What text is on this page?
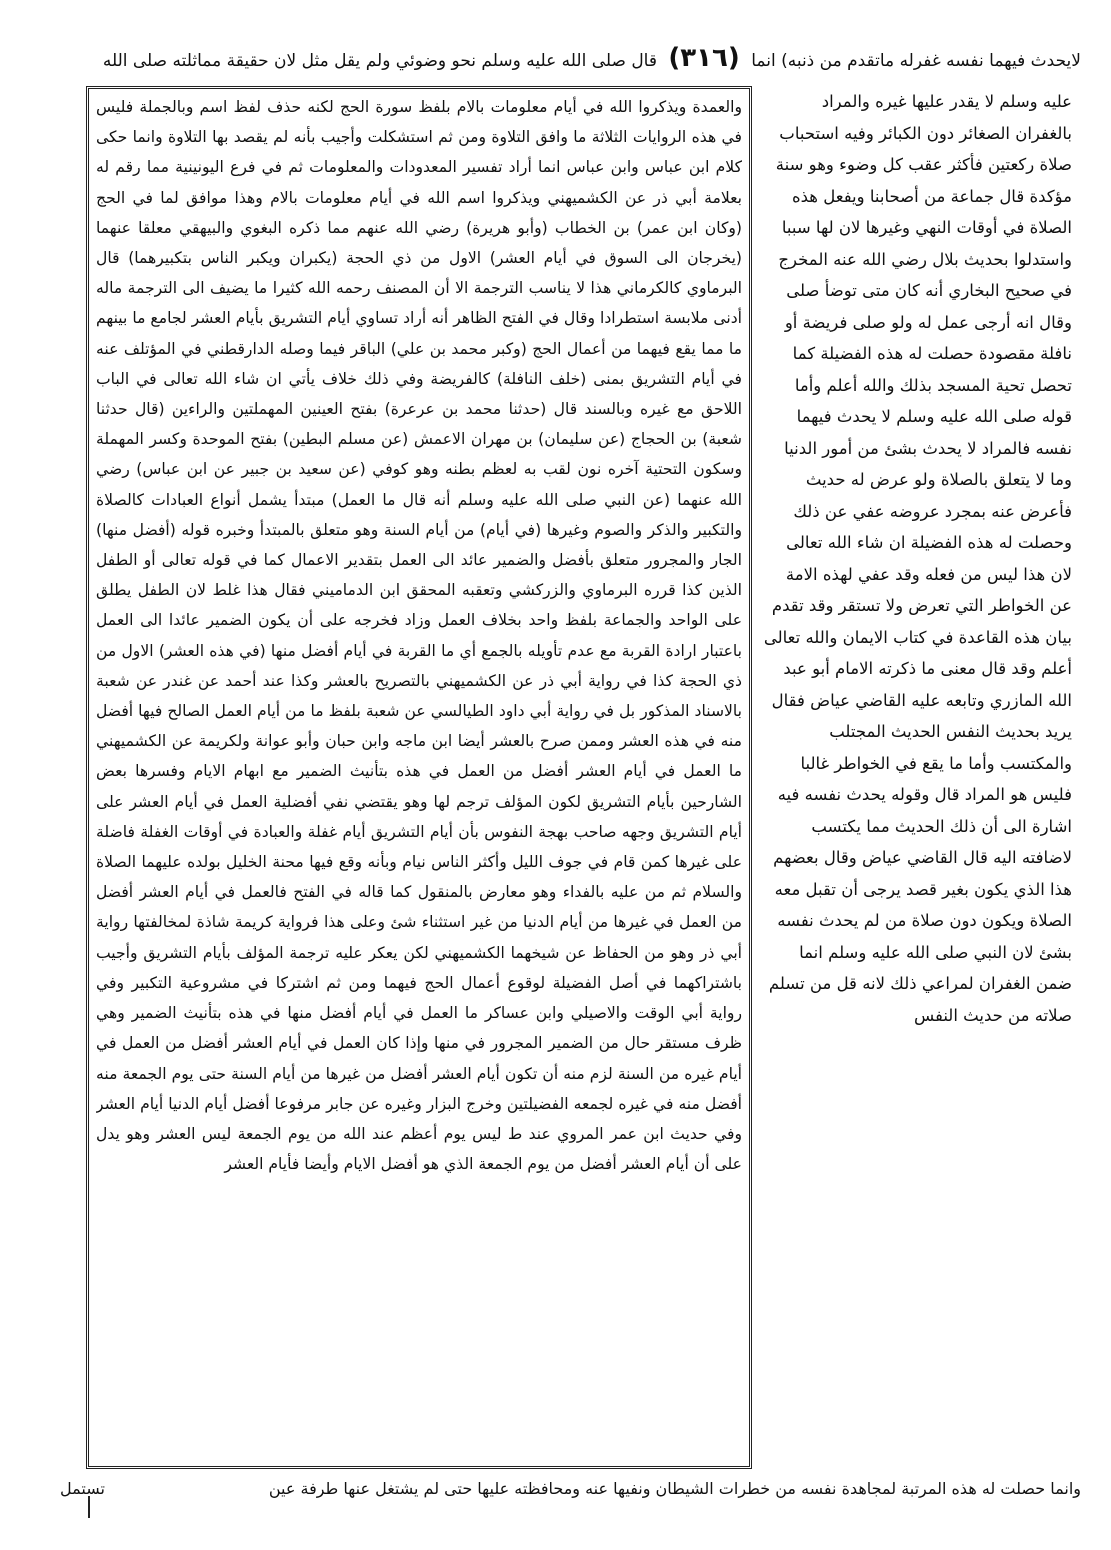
لايحدث فيهما نفسه غفرله ماتقدم من ذنبه) انما (٣١٦) قال صلى الله عليه وسلم نحو وضوئي ولم يقل مثل لان حقيقة مماثلته صلى الله

والعمدة ويذكروا الله في أيام معلومات بالام بلفظ سورة الحج لكنه حذف لفظ اسم وبالجملة فليس في هذه الروايات الثلاثة ما وافق التلاوة ومن ثم استشكلت وأجيب بأنه لم يقصد بها التلاوة وانما حكى كلام ابن عباس وابن عباس انما أراد تفسير المعدودات والمعلومات ثم في فرع اليونينية مما رقم له بعلامة أبي ذر عن الكشميهني ويذكروا اسم الله في أيام معلومات بالام وهذا موافق لما في الحج (وكان ابن عمر) بن الخطاب (وأبو هريرة) رضي الله عنهم مما ذكره البغوي والبيهقي معلقا عنهما (يخرجان الى السوق في أيام العشر) الاول من ذي الحجة (يكبران ويكبر الناس بتكبيرهما) قال البرماوي كالكرماني هذا لا يناسب الترجمة الا أن المصنف رحمه الله كثيرا ما يضيف الى الترجمة ماله أدنى ملابسة استطرادا وقال في الفتح الظاهر أنه أراد تساوي أيام التشريق بأيام العشر لجامع ما بينهم ما مما يقع فيهما من أعمال الحج (وكبر محمد بن علي) الباقر فيما وصله الدارقطني في المؤتلف عنه في أيام التشريق بمنى (خلف النافلة) كالفريضة وفي ذلك خلاف يأتي ان شاء الله تعالى في الباب اللاحق مع غيره وبالسند قال (حدثنا محمد بن عرعرة) بفتح العينين المهملتين والراءين (قال حدثنا شعبة) بن الحجاج (عن سليمان) بن مهران الاعمش (عن مسلم البطين) بفتح الموحدة وكسر المهملة وسكون التحتية آخره نون لقب به لعظم بطنه وهو كوفي (عن سعيد بن جبير عن ابن عباس) رضي الله عنهما (عن النبي صلى الله عليه وسلم أنه قال ما العمل) مبتدأ يشمل أنواع العبادات كالصلاة والتكبير والذكر والصوم وغيرها (في أيام) من أيام السنة وهو متعلق بالمبتدأ وخبره قوله (أفضل منها) الجار والمجرور متعلق بأفضل والضمير عائد الى العمل بتقدير الاعمال كما في قوله تعالى أو الطفل الذين كذا قرره البرماوي والزركشي وتعقبه المحقق ابن الدماميني فقال هذا غلط لان الطفل يطلق على الواحد والجماعة بلفظ واحد بخلاف العمل وزاد فخرجه على أن يكون الضمير عائدا الى العمل باعتبار ارادة القربة مع عدم تأويله بالجمع أي ما القربة في أيام أفضل منها (في هذه العشر) الاول من ذي الحجة كذا في رواية أبي ذر عن الكشميهني بالتصريح بالعشر وكذا عند أحمد عن غندر عن شعبة بالاسناد المذكور بل في رواية أبي داود الطيالسي عن شعبة بلفظ ما من أيام العمل الصالح فيها أفضل منه في هذه العشر وممن صرح بالعشر أيضا ابن ماجه وابن حبان وأبو عوانة ولكريمة عن الكشميهني ما العمل في أيام العشر أفضل من العمل في هذه بتأنيث الضمير مع ابهام الايام وفسرها بعض الشارحين بأيام التشريق لكون المؤلف ترجم لها وهو يقتضي نفي أفضلية العمل في أيام العشر على أيام التشريق وجهه صاحب بهجة النفوس بأن أيام التشريق أيام غفلة والعبادة في أوقات الغفلة فاضلة على غيرها كمن قام في جوف الليل وأكثر الناس نيام وبأنه وقع فيها محنة الخليل بولده عليهما الصلاة والسلام ثم من عليه بالفداء وهو معارض بالمنقول كما قاله في الفتح فالعمل في أيام العشر أفضل من العمل في غيرها من أيام الدنيا من غير استثناء شئ وعلى هذا فرواية كريمة شاذة لمخالفتها رواية أبي ذر وهو من الحفاظ عن شيخهما الكشميهني لكن يعكر عليه ترجمة المؤلف بأيام التشريق وأجيب باشتراكهما في أصل الفضيلة لوقوع أعمال الحج فيهما ومن ثم اشتركا في مشروعية التكبير وفي رواية أبي الوقت والاصيلي وابن عساكر ما العمل في أيام أفضل منها في هذه بتأنيث الضمير وهي ظرف مستقر حال من الضمير المجرور في منها وإذا كان العمل في أيام العشر أفضل من العمل في أيام غيره من السنة لزم منه أن تكون أيام العشر أفضل من غيرها من أيام السنة حتى يوم الجمعة منه أفضل منه في غيره لجمعه الفضيلتين وخرج البزار وغيره عن جابر مرفوعا أفضل أيام الدنيا أيام العشر وفي حديث ابن عمر المروي عند ط ليس يوم أعظم عند الله من يوم الجمعة ليس العشر وهو يدل على أن أيام العشر أفضل من يوم الجمعة الذي هو أفضل الايام وأيضا فأيام العشر

عليه وسلم لا يقدر عليها غيره والمراد بالغفران الصغائر دون الكبائر وفيه استحباب صلاة ركعتين فأكثر عقب كل وضوء وهو سنة مؤكدة قال جماعة من أصحابنا ويفعل هذه الصلاة في أوقات النهي وغيرها لان لها سببا واستدلوا بحديث بلال رضي الله عنه المخرج في صحيح البخاري أنه كان متى توضأ صلى وقال انه أرجى عمل له ولو صلى فريضة أو نافلة مقصودة حصلت له هذه الفضيلة كما تحصل تحية المسجد بذلك والله أعلم وأما قوله صلى الله عليه وسلم لا يحدث فيهما نفسه فالمراد لا يحدث بشئ من أمور الدنيا وما لا يتعلق بالصلاة ولو عرض له حديث فأعرض عنه بمجرد عروضه عفي عن ذلك وحصلت له هذه الفضيلة ان شاء الله تعالى لان هذا ليس من فعله وقد عفي لهذه الامة عن الخواطر التي تعرض ولا تستقر وقد تقدم بيان هذه القاعدة في كتاب الايمان والله تعالى أعلم وقد قال معنى ما ذكرته الامام أبو عبد الله المازري وتابعه عليه القاضي عياض فقال يريد بحديث النفس الحديث المجتلب والمكتسب وأما ما يقع في الخواطر غالبا فليس هو المراد قال وقوله يحدث نفسه فيه اشارة الى أن ذلك الحديث مما يكتسب لاضافته اليه قال القاضي عياض وقال بعضهم هذا الذي يكون بغير قصد يرجى أن تقبل معه الصلاة ويكون دون صلاة من لم يحدث نفسه بشئ لان النبي صلى الله عليه وسلم انما ضمن الغفران لمراعي ذلك لانه قل من تسلم صلاته من حديث النفس

وانما حصلت له هذه المرتبة لمجاهدة نفسه من خطرات الشيطان ونفيها عنه ومحافظته عليها حتى لم يشتغل عنها طرفة عين
تستمل
